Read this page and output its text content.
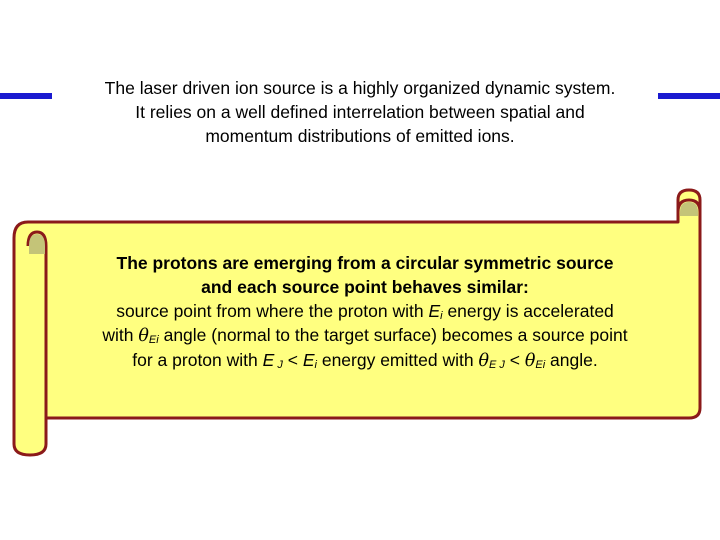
The laser driven ion source is a highly organized dynamic system.
It relies on a well defined interrelation between spatial and
momentum distributions of emitted ions.
The protons are emerging from a circular symmetric source
and each source point behaves similar:
source point from where the proton with $E_i$ energy is accelerated
with $\theta_{Ei}$ angle (normal to the target surface) becomes a source point
for a proton with E $_J < E_i$ energy emitted with $\theta_{E J} < \theta_{Ei}$ angle.
